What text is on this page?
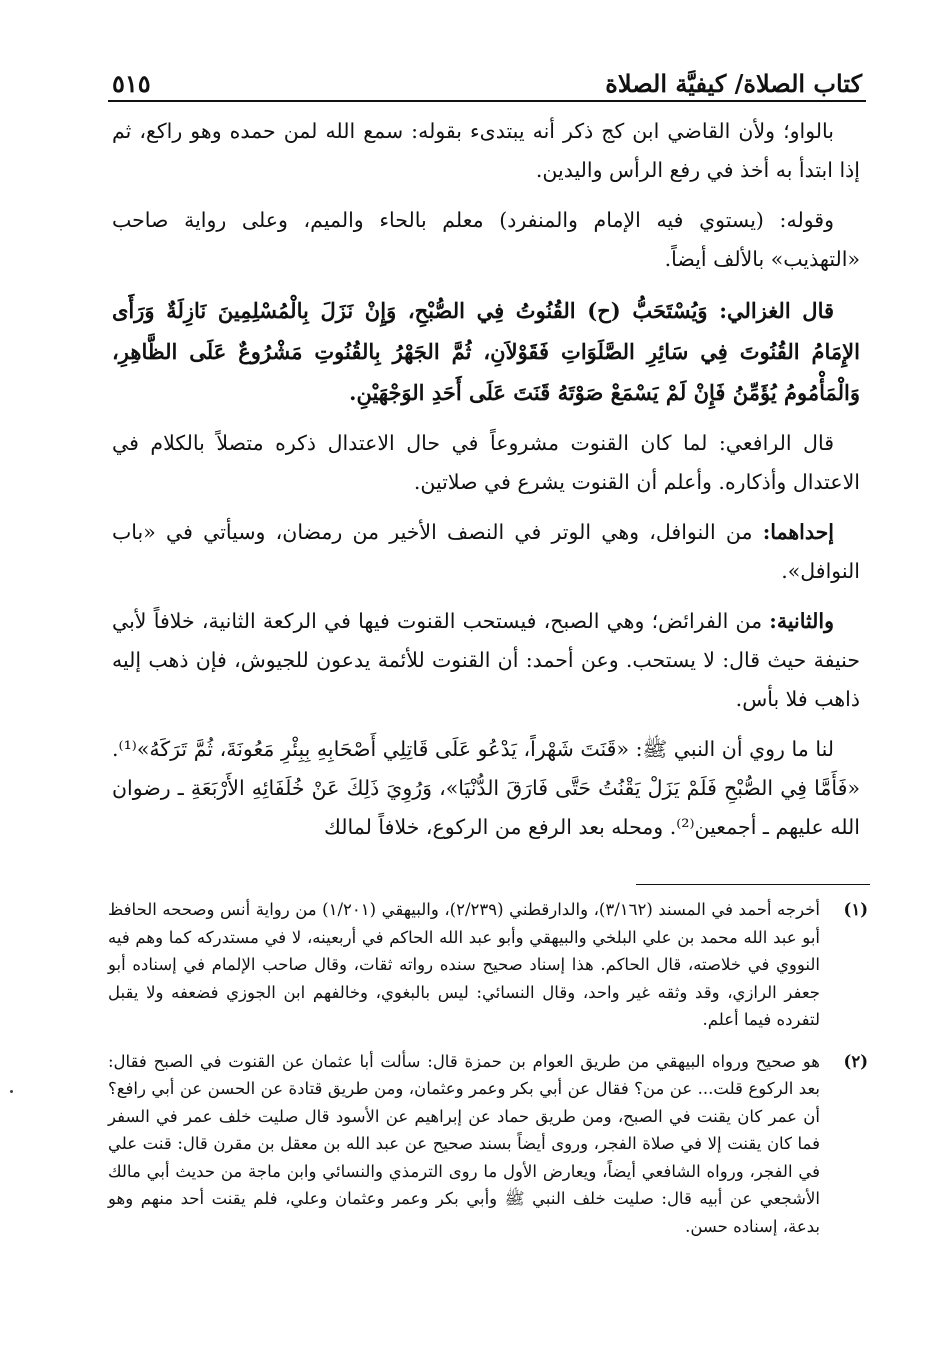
كتاب الصلاة/ كيفيَّة الصلاة
٥١٥

بالواو؛ ولأن القاضي ابن كج ذكر أنه يبتدىء بقوله: سمع الله لمن حمده وهو راكع، ثم إذا ابتدأ به أخذ في رفع الرأس واليدين.

وقوله: (يستوي فيه الإمام والمنفرد) معلم بالحاء والميم، وعلى رواية صاحب «التهذيب» بالألف أيضاً.

قال الغزالي: وَيُسْتَحَبُّ (ح) القُنُوتُ فِي الصُّبْحِ، وَإِنْ نَزَلَ بِالْمُسْلِمِينَ نَازِلَةٌ وَرَأَى الإِمَامُ القُنُوتَ فِي سَائِرِ الصَّلَوَاتِ فَقَوْلاَنِ، ثُمَّ الجَهْرُ بِالقُنُوتِ مَشْرُوعٌ عَلَى الظَّاهِرِ، وَالْمَأْمُومُ يُؤَمِّنُ فَإِنْ لَمْ يَسْمَعْ صَوْتَهُ قَنَتَ عَلَى أَحَدِ الوَجْهَيْنِ.

قال الرافعي: لما كان القنوت مشروعاً في حال الاعتدال ذكره متصلاً بالكلام في الاعتدال وأذكاره. وأعلم أن القنوت يشرع في صلاتين.

إحداهما: من النوافل، وهي الوتر في النصف الأخير من رمضان، وسيأتي في «باب النوافل».

والثانية: من الفرائض؛ وهي الصبح، فيستحب القنوت فيها في الركعة الثانية، خلافاً لأبي حنيفة حيث قال: لا يستحب. وعن أحمد: أن القنوت للأئمة يدعون للجيوش، فإن ذهب إليه ذاهب فلا بأس.

لنا ما روي أن النبي ﷺ: «قَنَتَ شَهْراً، يَدْعُو عَلَى قَاتِلِي أَصْحَابِهِ بِبِئْرِ مَعُونَةَ، ثُمَّ تَرَكَهُ»⁽¹⁾. «فَأَمَّا فِي الصُّبْحِ فَلَمْ يَزَلْ يَقْنُتُ حَتَّى فَارَقَ الدُّنْيَا»، وَرُوِيَ ذَلِكَ عَنْ خُلَفَائِهِ الأَرْبَعَةِ ـ رضوان الله عليهم ـ أجمعين⁽²⁾. ومحله بعد الرفع من الركوع، خلافاً لمالك

(١)
أخرجه أحمد في المسند (٣/١٦٢)، والدارقطني (٢/٢٣٩)، والبيهقي (١/٢٠١) من رواية أنس وصححه الحافظ أبو عبد الله محمد بن علي البلخي والبيهقي وأبو عبد الله الحاكم في أربعينه، لا في مستدركه كما وهم فيه النووي في خلاصته، قال الحاكم. هذا إسناد صحيح سنده رواته ثقات، وقال صاحب الإلمام في إسناده أبو جعفر الرازي، وقد وثقه غير واحد، وقال النسائي: ليس بالبغوي، وخالفهم ابن الجوزي فضعفه ولا يقبل لتفرده فيما أعلم.
(٢)
هو صحيح ورواه البيهقي من طريق العوام بن حمزة قال: سألت أبا عثمان عن القنوت في الصبح فقال: بعد الركوع قلت... عن من؟ فقال عن أبي بكر وعمر وعثمان، ومن طريق قتادة عن الحسن عن أبي رافع؟ أن عمر كان يقنت في الصبح، ومن طريق حماد عن إبراهيم عن الأسود قال صليت خلف عمر في السفر فما كان يقنت إلا في صلاة الفجر، وروى أيضاً بسند صحيح عن عبد الله بن معقل بن مقرن قال: قنت علي في الفجر، ورواه الشافعي أيضاً، ويعارض الأول ما روى الترمذي والنسائي وابن ماجة من حديث أبي مالك الأشجعي عن أبيه قال: صليت خلف النبي ﷺ وأبي بكر وعمر وعثمان وعلي، فلم يقنت أحد منهم وهو بدعة، إسناده حسن.
